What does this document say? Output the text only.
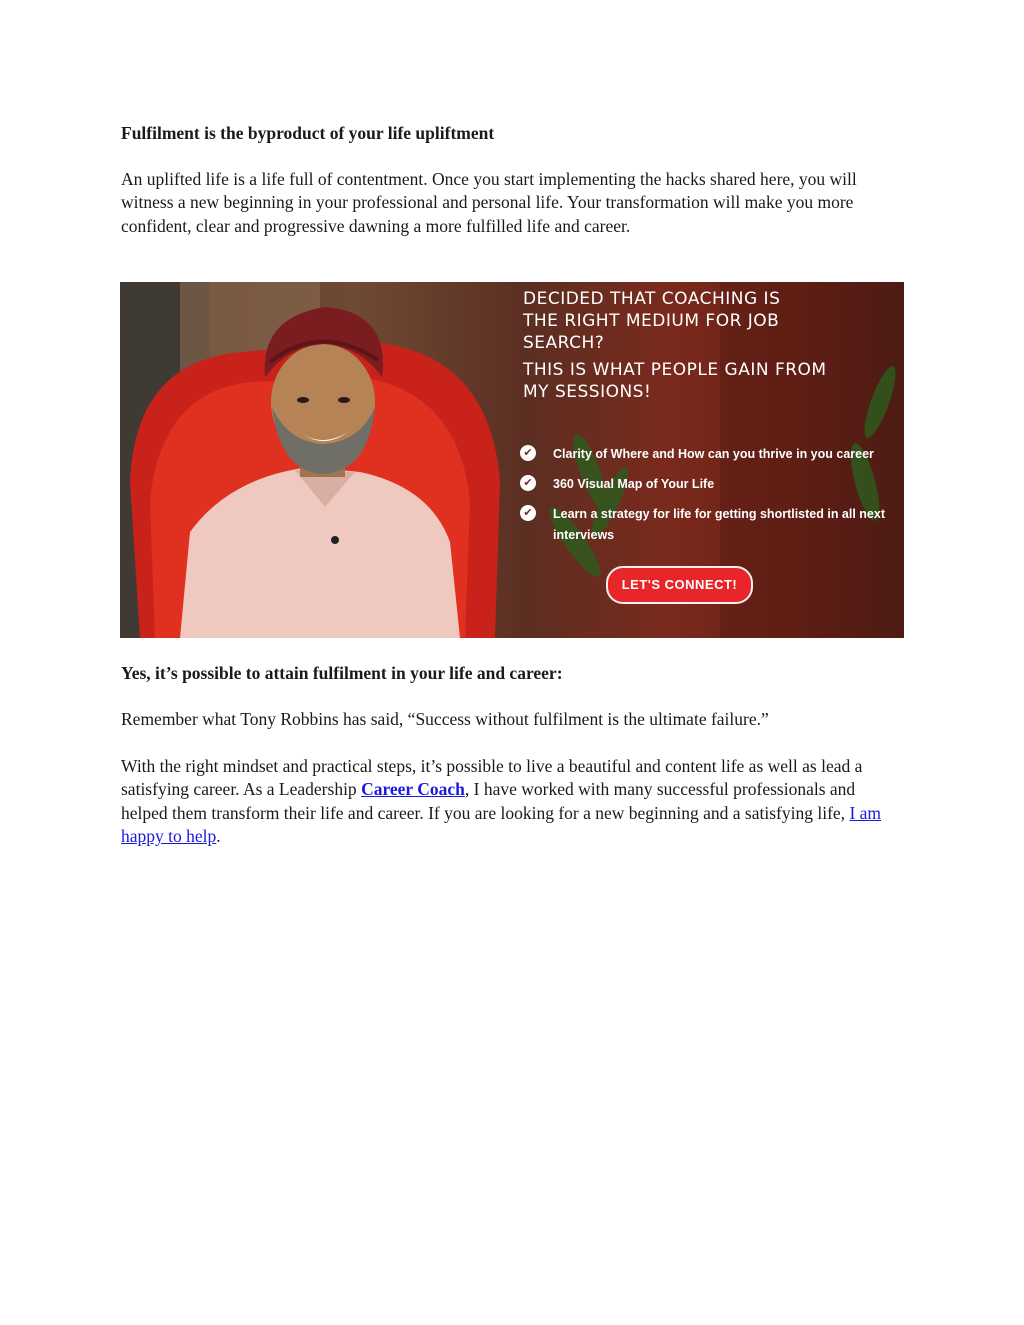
Fulfilment is the byproduct of your life upliftment

An uplifted life is a life full of contentment. Once you start implementing the hacks shared here, you will witness a new beginning in your professional and personal life. Your transformation will make you more confident, clear and progressive dawning a more fulfilled life and career.

Yes, it’s possible to attain fulfilment in your life and career:

Remember what Tony Robbins has said, “Success without fulfilment is the ultimate failure.”

With the right mindset and practical steps, it’s possible to live a beautiful and content life as well as lead a satisfying career. As a Leadership Career Coach, I have worked with many successful professionals and helped them transform their life and career. If you are looking for a new beginning and a satisfying life, I am happy to help.

DECIDED THAT COACHING IS
THE RIGHT MEDIUM FOR JOB
SEARCH?
THIS IS WHAT PEOPLE GAIN FROM
MY SESSIONS!
✔ Clarity of Where and How can you thrive in you career
✔ 360 Visual Map of Your Life
✔ Learn a strategy for life for getting shortlisted in all next interviews
LET'S CONNECT!
